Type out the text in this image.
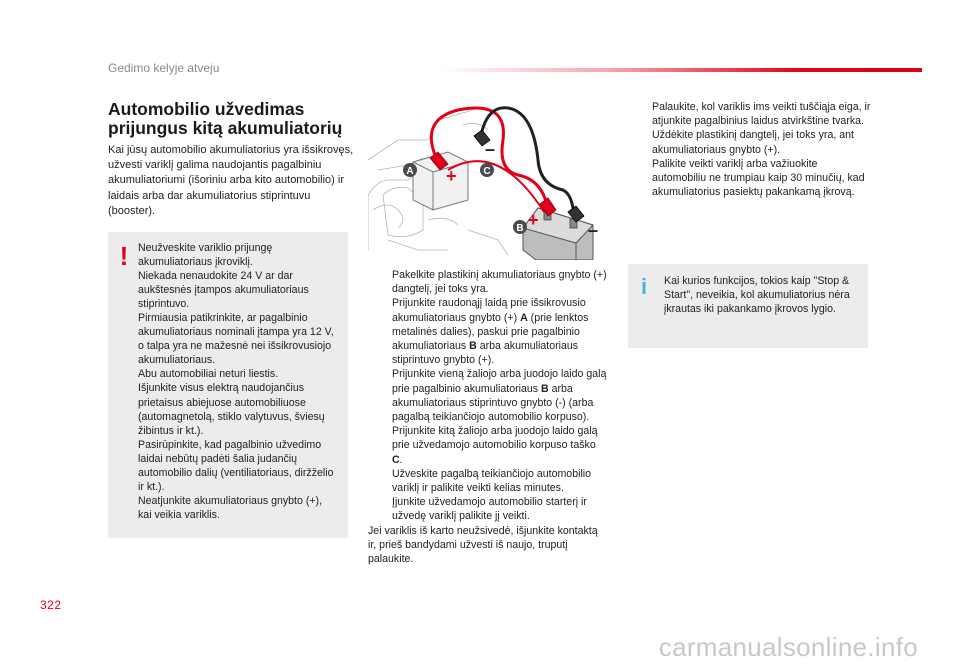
Gedimo kelyje atveju
Automobilio užvedimas
prijungus kitą akumuliatorių
Kai jūsų automobilio akumuliatorius yra išsikrovęs, užvesti variklį galima naudojantis pagalbiniu akumuliatoriumi (išoriniu arba kito automobilio) ir laidais arba dar akumuliatorius stiprintuvu (booster).
! Neužveskite variklio prijungę akumuliatoriaus įkroviklį.
Niekada nenaudokite 24 V ar dar aukštesnės įtampos akumuliatoriaus stiprintuvo.
Pirmiausia patikrinkite, ar pagalbinio akumuliatoriaus nominali įtampa yra 12 V, o talpa yra ne mažesnė nei išsikrovusiojo akumuliatoriaus.
Abu automobiliai neturi liestis.
Išjunkite visus elektrą naudojančius prietaisus abiejuose automobiliuose (automagnetolą, stiklo valytuvus, šviesų žibintus ir kt.).
Pasirūpinkite, kad pagalbinio užvedimo laidai nebūtų padėti šalia judančių automobilio dalių (ventiliatoriaus, diržželio ir kt.).
Neatjunkite akumuliatoriaus gnybto (+), kai veikia variklis.
+
–
+	–
A
B
C
Pakelkite plastikinį akumuliatoriaus gnybto (+) dangtelį, jei toks yra.
Prijunkite raudonąjį laidą prie išsikrovusio akumuliatoriaus gnybto (+) A (prie lenktos metalinės dalies), paskui prie pagalbinio akumuliatoriaus B arba akumuliatoriaus stiprintuvo gnybto (+).
Prijunkite vieną žaliojo arba juodojo laido galą prie pagalbinio akumuliatoriaus B arba akumuliatoriaus stiprintuvo gnybto (-) (arba pagalbą teikiančiojo automobilio korpuso).
Prijunkite kitą žaliojo arba juodojo laido galą prie užvedamojo automobilio korpuso taško C.
Užveskite pagalbą teikiančiojo automobilio variklį ir palikite veikti kelias minutes.
Įjunkite užvedamojo automobilio starterį ir užvedę variklį palikite jį veikti.
Jei variklis iš karto neužsivedė, išjunkite kontaktą ir, prieš bandydami užvesti iš naujo, truputį palaukite.
Palaukite, kol variklis ims veikti tuščiąja eiga, ir atjunkite pagalbinius laidus atvirkštine tvarka.
Uždėkite plastikinį dangtelį, jei toks yra, ant akumuliatoriaus gnybto (+).
Palikite veikti variklį arba važiuokite automobiliu ne trumpiau kaip 30 minučių, kad akumuliatorius pasiektų pakankamą įkrovą.
i Kai kurios funkcijos, tokios kaip "Stop & Start", neveikia, kol akumuliatorius nėra įkrautas iki pakankamo įkrovos lygio.
322
carmanualsonline.info
